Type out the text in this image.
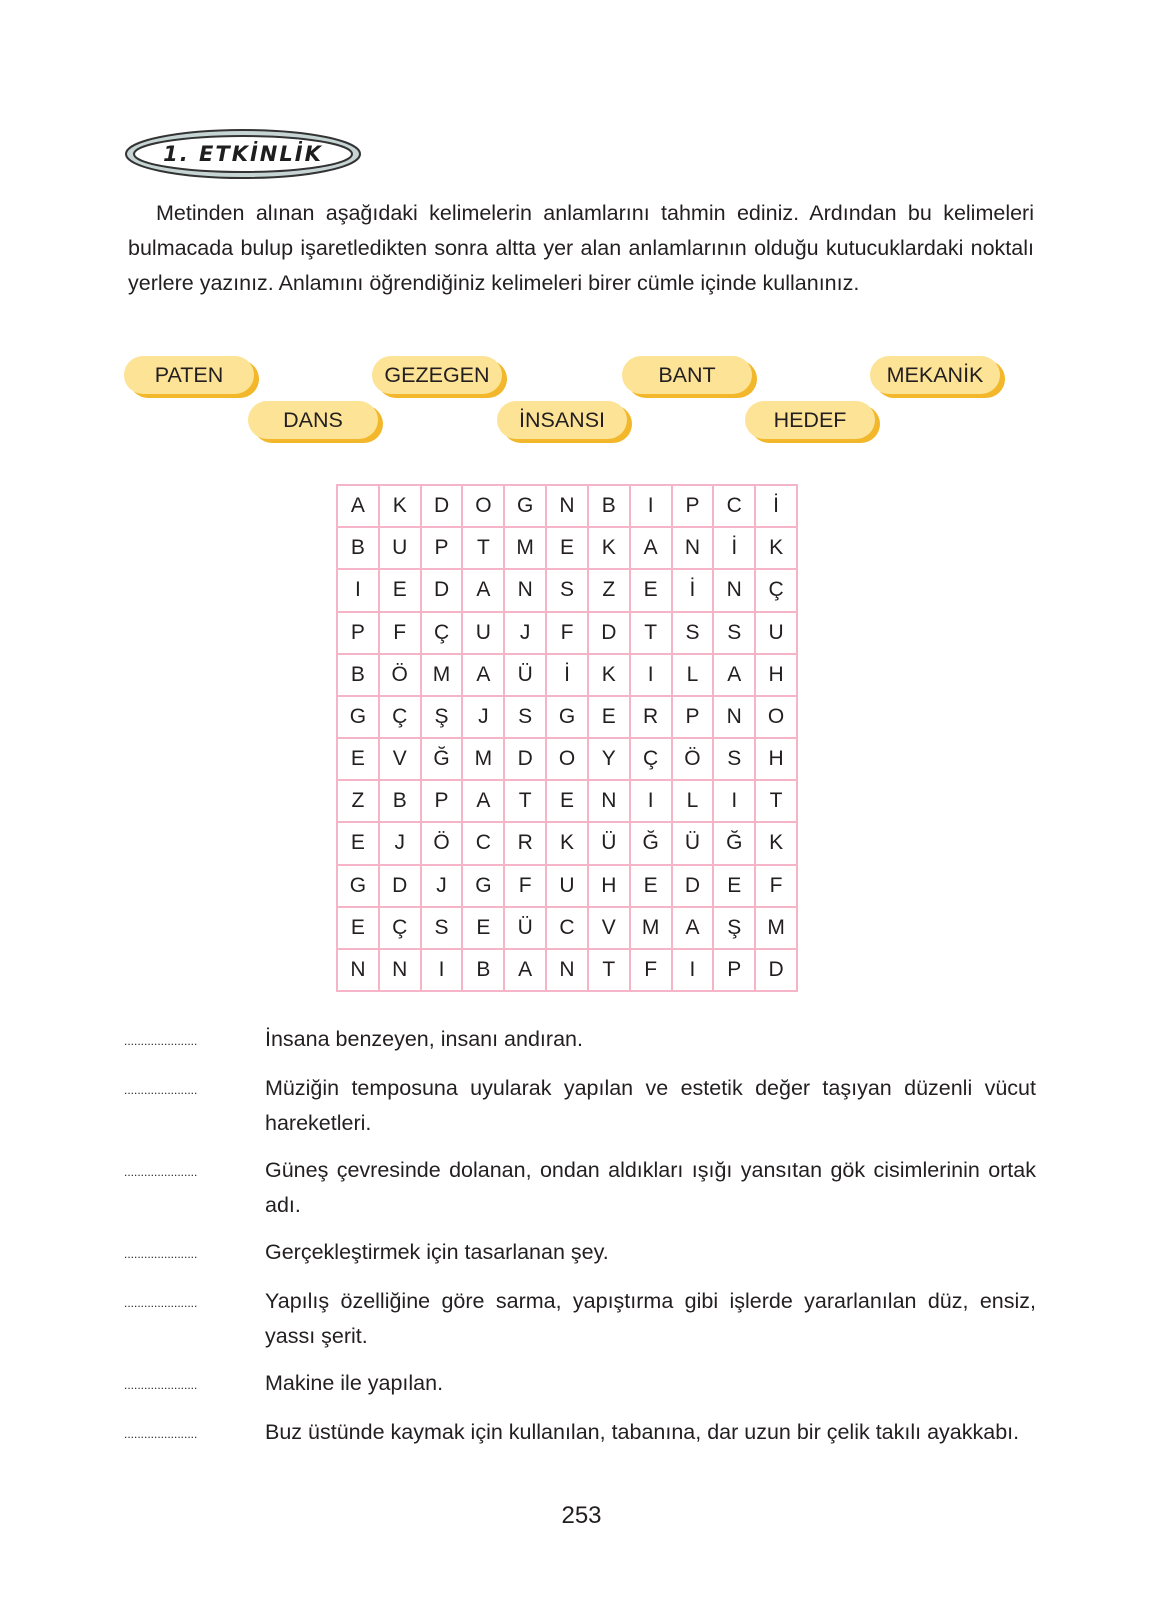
1. ETKİNLİK

Metinden alınan aşağıdaki kelimelerin anlamlarını tahmin ediniz. Ardından bu kelimeleri bulmacada bulup işaretledikten sonra altta yer alan anlamlarının olduğu kutucuklardaki noktalı yerlere yazınız. Anlamını öğrendiğiniz kelimeleri birer cümle içinde kullanınız.

PATEN	GEZEGEN	BANT	MEKANİK
DANS	İNSANSI	HEDEF
A	K	D	O	G	N	B	I	P	C	İ
B	U	P	T	M	E	K	A	N	İ	K
I	E	D	A	N	S	Z	E	İ	N	Ç
P	F	Ç	U	J	F	D	T	S	S	U
B	Ö	M	A	Ü	İ	K	I	L	A	H
G	Ç	Ş	J	S	G	E	R	P	N	O
E	V	Ğ	M	D	O	Y	Ç	Ö	S	H
Z	B	P	A	T	E	N	I	L	I	T
E	J	Ö	C	R	K	Ü	Ğ	Ü	Ğ	K
G	D	J	G	F	U	H	E	D	E	F
E	Ç	S	E	Ü	C	V	M	A	Ş	M
N	N	I	B	A	N	T	F	I	P	D
......................	İnsana benzeyen, insanı andıran.
......................	Müziğin temposuna uyularak yapılan ve estetik değer taşıyan düzenli vücut hareketleri.
......................	Güneş çevresinde dolanan, ondan aldıkları ışığı yansıtan gök cisimlerinin ortak adı.
......................	Gerçekleştirmek için tasarlanan şey.
......................	Yapılış özelliğine göre sarma, yapıştırma gibi işlerde yararlanılan düz, ensiz, yassı şerit.
......................	Makine ile yapılan.
......................	Buz üstünde kaymak için kullanılan, tabanına, dar uzun bir çelik takılı ayakkabı.
253
